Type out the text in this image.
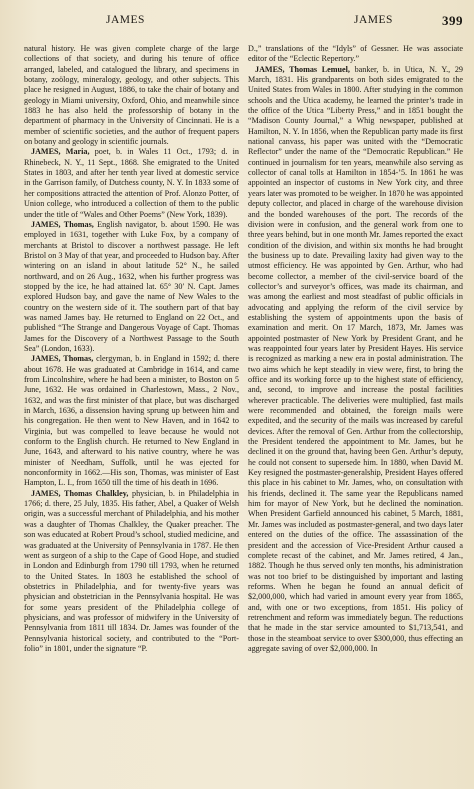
JAMES	JAMES	399

natural history. He was given complete charge of the large collections of that society, and during his tenure of office arranged, labeled, and catalogued the library, and specimens in botany, zoölogy, mineralogy, geology, and other subjects. This place he resigned in August, 1886, to take the chair of botany and geology in Miami university, Oxford, Ohio, and meanwhile since 1883 he has also held the professorship of botany in the department of pharmacy in the University of Cincinnati. He is a member of scientific societies, and the author of frequent papers on botany and geology in scientific journals.

JAMES, Maria, poet, b. in Wales 11 Oct., 1793; d. in Rhinebeck, N. Y., 11 Sept., 1868. She emigrated to the United States in 1803, and after her tenth year lived at domestic service in the Garrison family, of Dutchess county, N. Y. In 1833 some of her compositions attracted the attention of Prof. Alonzo Potter, of Union college, who introduced a collection of them to the public under the title of “Wales and Other Poems” (New York, 1839).

JAMES, Thomas, English navigator, b. about 1590. He was employed in 1631, together with Luke Fox, by a company of merchants at Bristol to discover a northwest passage. He left Bristol on 3 May of that year, and proceeded to Hudson bay. After wintering on an island in about latitude 52° N., he sailed northward, and on 26 Aug., 1632, when his further progress was stopped by the ice, he had attained lat. 65° 30′ N. Capt. James explored Hudson bay, and gave the name of New Wales to the country on the western side of it. The southern part of that bay was named James bay. He returned to England on 22 Oct., and published “The Strange and Dangerous Voyage of Capt. Thomas James for the Discovery of a Northwest Passage to the South Sea” (London, 1633).

JAMES, Thomas, clergyman, b. in England in 1592; d. there about 1678. He was graduated at Cambridge in 1614, and came from Lincolnshire, where he had been a minister, to Boston on 5 June, 1632. He was ordained in Charlestown, Mass., 2 Nov., 1632, and was the first minister of that place, but was discharged in March, 1636, a dissension having sprung up between him and his congregation. He then went to New Haven, and in 1642 to Virginia, but was compelled to leave because he would not conform to the English church. He returned to New England in June, 1643, and afterward to his native country, where he was minister of Needham, Suffolk, until he was ejected for nonconformity in 1662.—His son, Thomas, was minister of East Hampton, L. I., from 1650 till the time of his death in 1696.

JAMES, Thomas Chalkley, physician, b. in Philadelphia in 1766; d. there, 25 July, 1835. His father, Abel, a Quaker of Welsh origin, was a successful merchant of Philadelphia, and his mother was a daughter of Thomas Chalkley, the Quaker preacher. The son was educated at Robert Proud’s school, studied medicine, and was graduated at the University of Pennsylvania in 1787. He then went as surgeon of a ship to the Cape of Good Hope, and studied in London and Edinburgh from 1790 till 1793, when he returned to the United States. In 1803 he established the school of obstetrics in Philadelphia, and for twenty-five years was physician and obstetrician in the Pennsylvania hospital. He was for some years president of the Philadelphia college of physicians, and was professor of midwifery in the University of Pennsylvania from 1811 till 1834. Dr. James was founder of the Pennsylvania historical society, and contributed to the “Port-folio” in 1801, under the signature “P.

D.,” translations of the “Idyls” of Gessner. He was associate editor of the “Eclectic Repertory.”

JAMES, Thomas Lemuel, banker, b. in Utica, N. Y., 29 March, 1831. His grandparents on both sides emigrated to the United States from Wales in 1800. After studying in the common schools and the Utica academy, he learned the printer’s trade in the office of the Utica “Liberty Press,” and in 1851 bought the “Madison County Journal,” a Whig newspaper, published at Hamilton, N. Y. In 1856, when the Republican party made its first national canvass, his paper was united with the “Democratic Reflector” under the name of the “Democratic Republican.” He continued in journalism for ten years, meanwhile also serving as collector of canal tolls at Hamilton in 1854-’5. In 1861 he was appointed an inspector of customs in New York city, and three years later was promoted to be weigher. In 1870 he was appointed deputy collector, and placed in charge of the warehouse division and the bonded warehouses of the port. The records of the division were in confusion, and the general work from one to three years behind, but in one month Mr. James reported the exact condition of the division, and within six months he had brought the business up to date. Prevailing laxity had given way to the utmost efficiency. He was appointed by Gen. Arthur, who had become collector, a member of the civil-service board of the collector’s and surveyor’s offices, was made its chairman, and was among the earliest and most steadfast of public officials in advocating and applying the reform of the civil service by establishing the system of appointments upon the basis of examination and merit. On 17 March, 1873, Mr. James was appointed postmaster of New York by President Grant, and he was reappointed four years later by President Hayes. His service is recognized as marking a new era in postal administration. The two aims which he kept steadily in view were, first, to bring the office and its working force up to the highest state of efficiency, and, second, to improve and increase the postal facilities wherever practicable. The deliveries were multiplied, fast mails were recommended and obtained, the foreign mails were expedited, and the security of the mails was increased by careful devices. After the removal of Gen. Arthur from the collectorship, the President tendered the appointment to Mr. James, but he declined it on the ground that, having been Gen. Arthur’s deputy, he could not consent to supersede him. In 1880, when David M. Key resigned the postmaster-generalship, President Hayes offered this place in his cabinet to Mr. James, who, on consultation with his friends, declined it. The same year the Republicans named him for mayor of New York, but he declined the nomination. When President Garfield announced his cabinet, 5 March, 1881, Mr. James was included as postmaster-general, and two days later entered on the duties of the office. The assassination of the president and the accession of Vice-President Arthur caused a complete recast of the cabinet, and Mr. James retired, 4 Jan., 1882. Though he thus served only ten months, his administration was not too brief to be distinguished by important and lasting reforms. When he began he found an annual deficit of $2,000,000, which had varied in amount every year from 1865, and, with one or two exceptions, from 1851. His policy of retrenchment and reform was immediately begun. The reductions that he made in the star service amounted to $1,713,541, and those in the steamboat service to over $300,000, thus effecting an aggregate saving of over $2,000,000. In
